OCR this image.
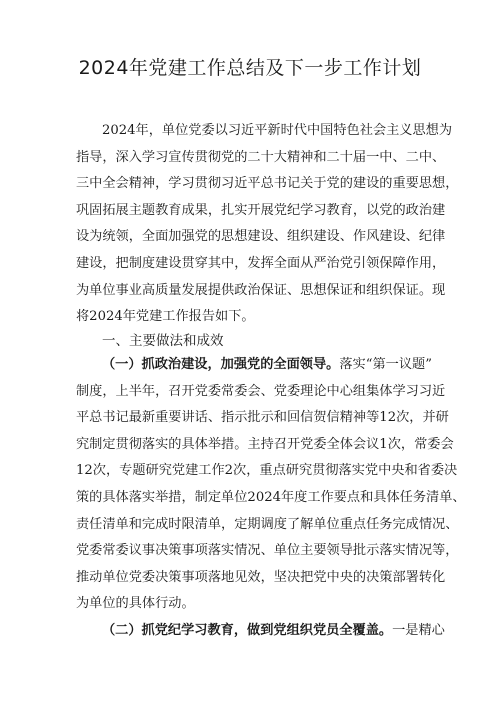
2024年党建工作总结及下一步工作计划
2024年，单位党委以习近平新时代中国特色社会主义思想为
指导，深入学习宣传贯彻党的二十大精神和二十届一中、二中、
三中全会精神，学习贯彻习近平总书记关于党的建设的重要思想，
巩固拓展主题教育成果，扎实开展党纪学习教育，以党的政治建
设为统领，全面加强党的思想建设、组织建设、作风建设、纪律
建设，把制度建设贯穿其中，发挥全面从严治党引领保障作用，
为单位事业高质量发展提供政治保证、思想保证和组织保证。现
将2024年党建工作报告如下。
一、主要做法和成效
（一）抓政治建设，加强党的全面领导。落实“第一议题”
制度，上半年，召开党委常委会、党委理论中心组集体学习习近
平总书记最新重要讲话、指示批示和回信贺信精神等12次，并研
究制定贯彻落实的具体举措。主持召开党委全体会议1次，常委会
12次，专题研究党建工作2次，重点研究贯彻落实党中央和省委决
策的具体落实举措，制定单位2024年度工作要点和具体任务清单、
责任清单和完成时限清单，定期调度了解单位重点任务完成情况、
党委常委议事决策事项落实情况、单位主要领导批示落实情况等，
推动单位党委决策事项落地见效，坚决把党中央的决策部署转化
为单位的具体行动。
（二）抓党纪学习教育，做到党组织党员全覆盖。一是精心
